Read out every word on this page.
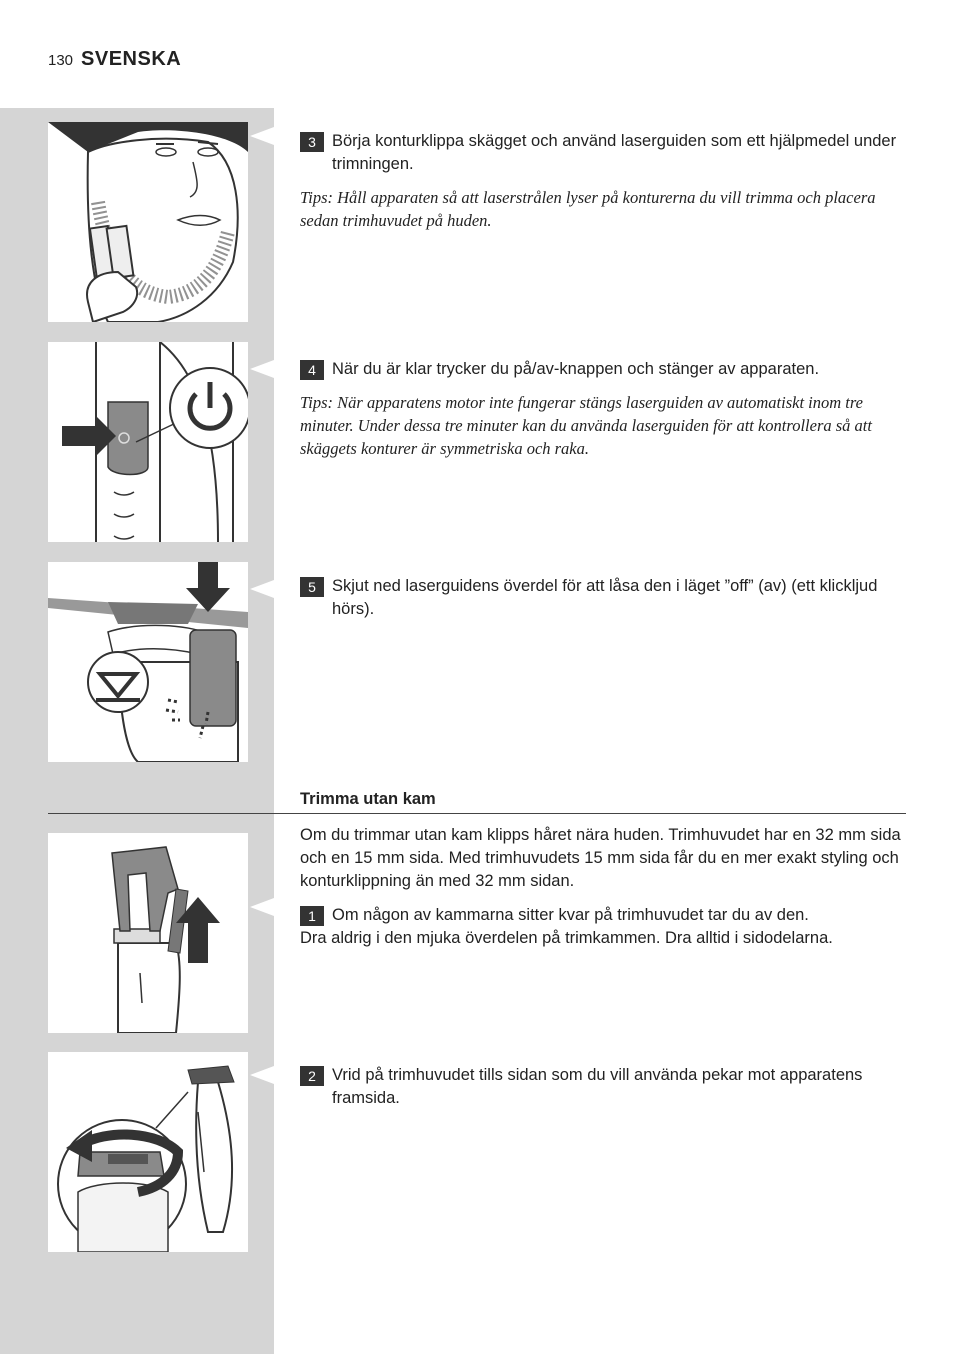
130 SVENSKA
3 Börja konturklippa skägget och använd laserguiden som ett hjälpmedel under trimningen.
Tips: Håll apparaten så att laserstrålen lyser på konturerna du vill trimma och placera sedan trimhuvudet på huden.
4 När du är klar trycker du på/av-knappen och stänger av apparaten.
Tips: När apparatens motor inte fungerar stängs laserguiden av automatiskt inom tre minuter. Under dessa tre minuter kan du använda laserguiden för att kontrollera så att skäggets konturer är symmetriska och raka.
5 Skjut ned laserguidens överdel för att låsa den i läget ”off” (av) (ett klickljud hörs).
Trimma utan kam
Om du trimmar utan kam klipps håret nära huden. Trimhuvudet har en 32 mm sida och en 15 mm sida. Med trimhuvudets 15 mm sida får du en mer exakt styling och konturklippning än med 32 mm sidan.
1 Om någon av kammarna sitter kvar på trimhuvudet tar du av den.
Dra aldrig i den mjuka överdelen på trimkammen. Dra alltid i sidodelarna.
2 Vrid på trimhuvudet tills sidan som du vill använda pekar mot apparatens framsida.
